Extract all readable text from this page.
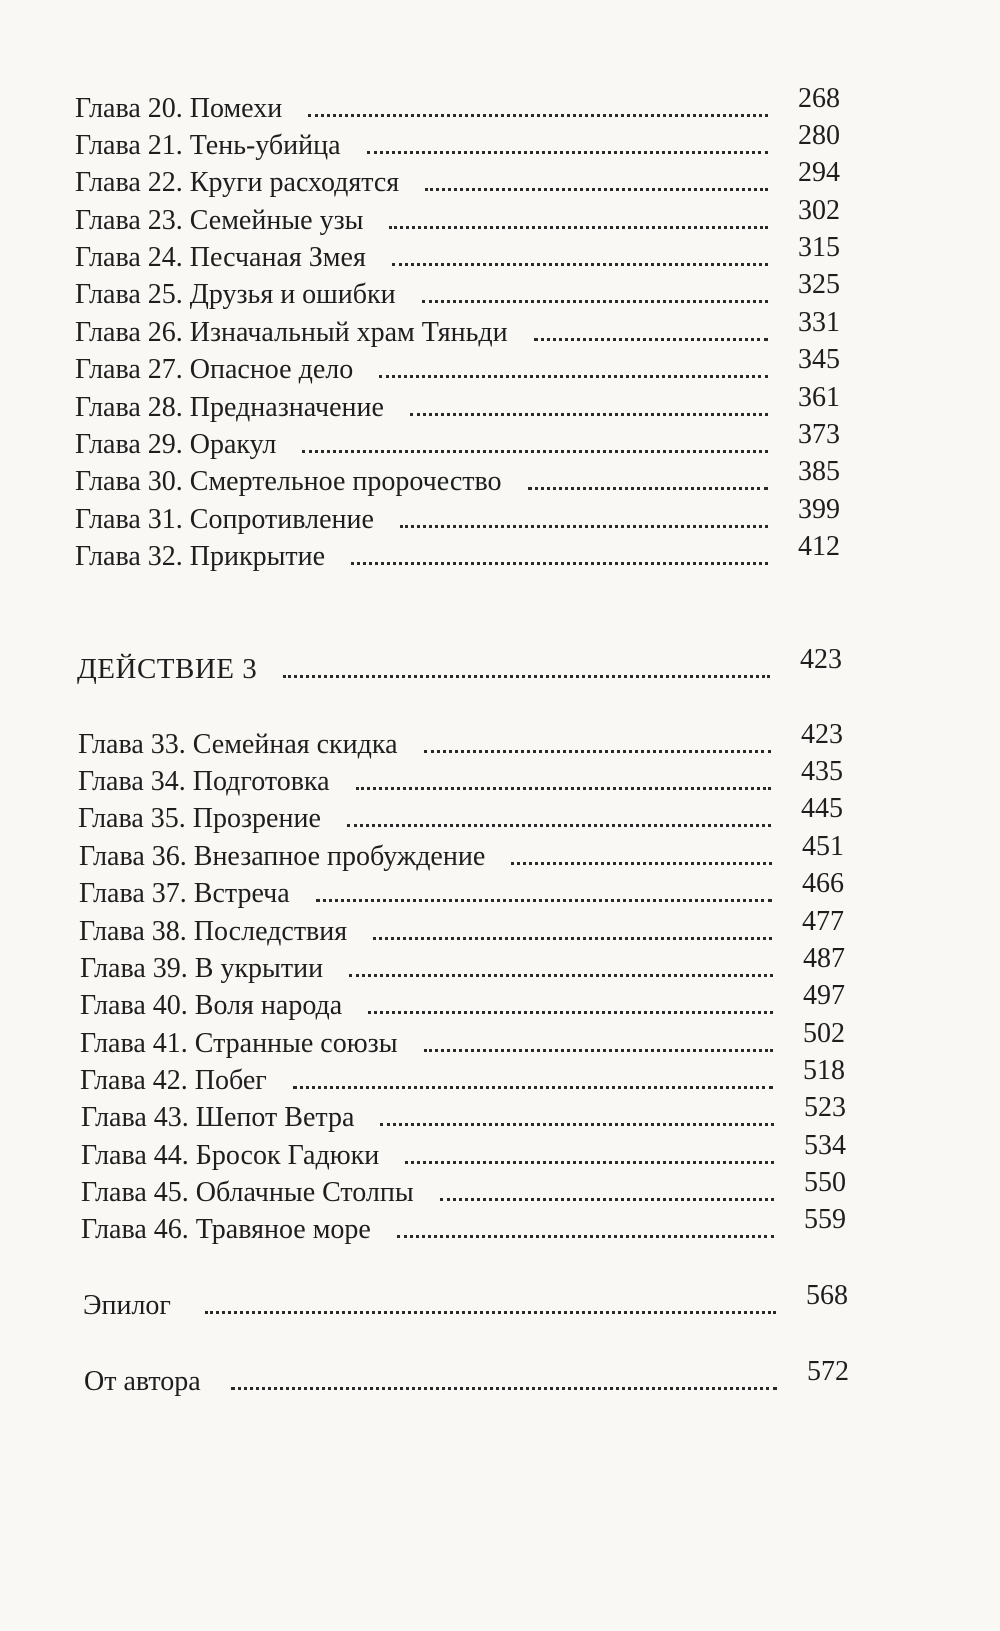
Глава 20. Помехи	268
Глава 21. Тень-убийца	280
Глава 22. Круги расходятся	294
Глава 23. Семейные узы	302
Глава 24. Песчаная Змея	315
Глава 25. Друзья и ошибки	325
Глава 26. Изначальный храм Тяньди	331
Глава 27. Опасное дело	345
Глава 28. Предназначение	361
Глава 29. Оракул	373
Глава 30. Смертельное пророчество	385
Глава 31. Сопротивление	399
Глава 32. Прикрытие	412
ДЕЙСТВИЕ 3	423
Глава 33. Семейная скидка	423
Глава 34. Подготовка	435
Глава 35. Прозрение	445
Глава 36. Внезапное пробуждение	451
Глава 37. Встреча	466
Глава 38. Последствия	477
Глава 39. В укрытии	487
Глава 40. Воля народа	497
Глава 41. Странные союзы	502
Глава 42. Побег	518
Глава 43. Шепот Ветра	523
Глава 44. Бросок Гадюки	534
Глава 45. Облачные Столпы	550
Глава 46. Травяное море	559
Эпилог	568
От автора	572
